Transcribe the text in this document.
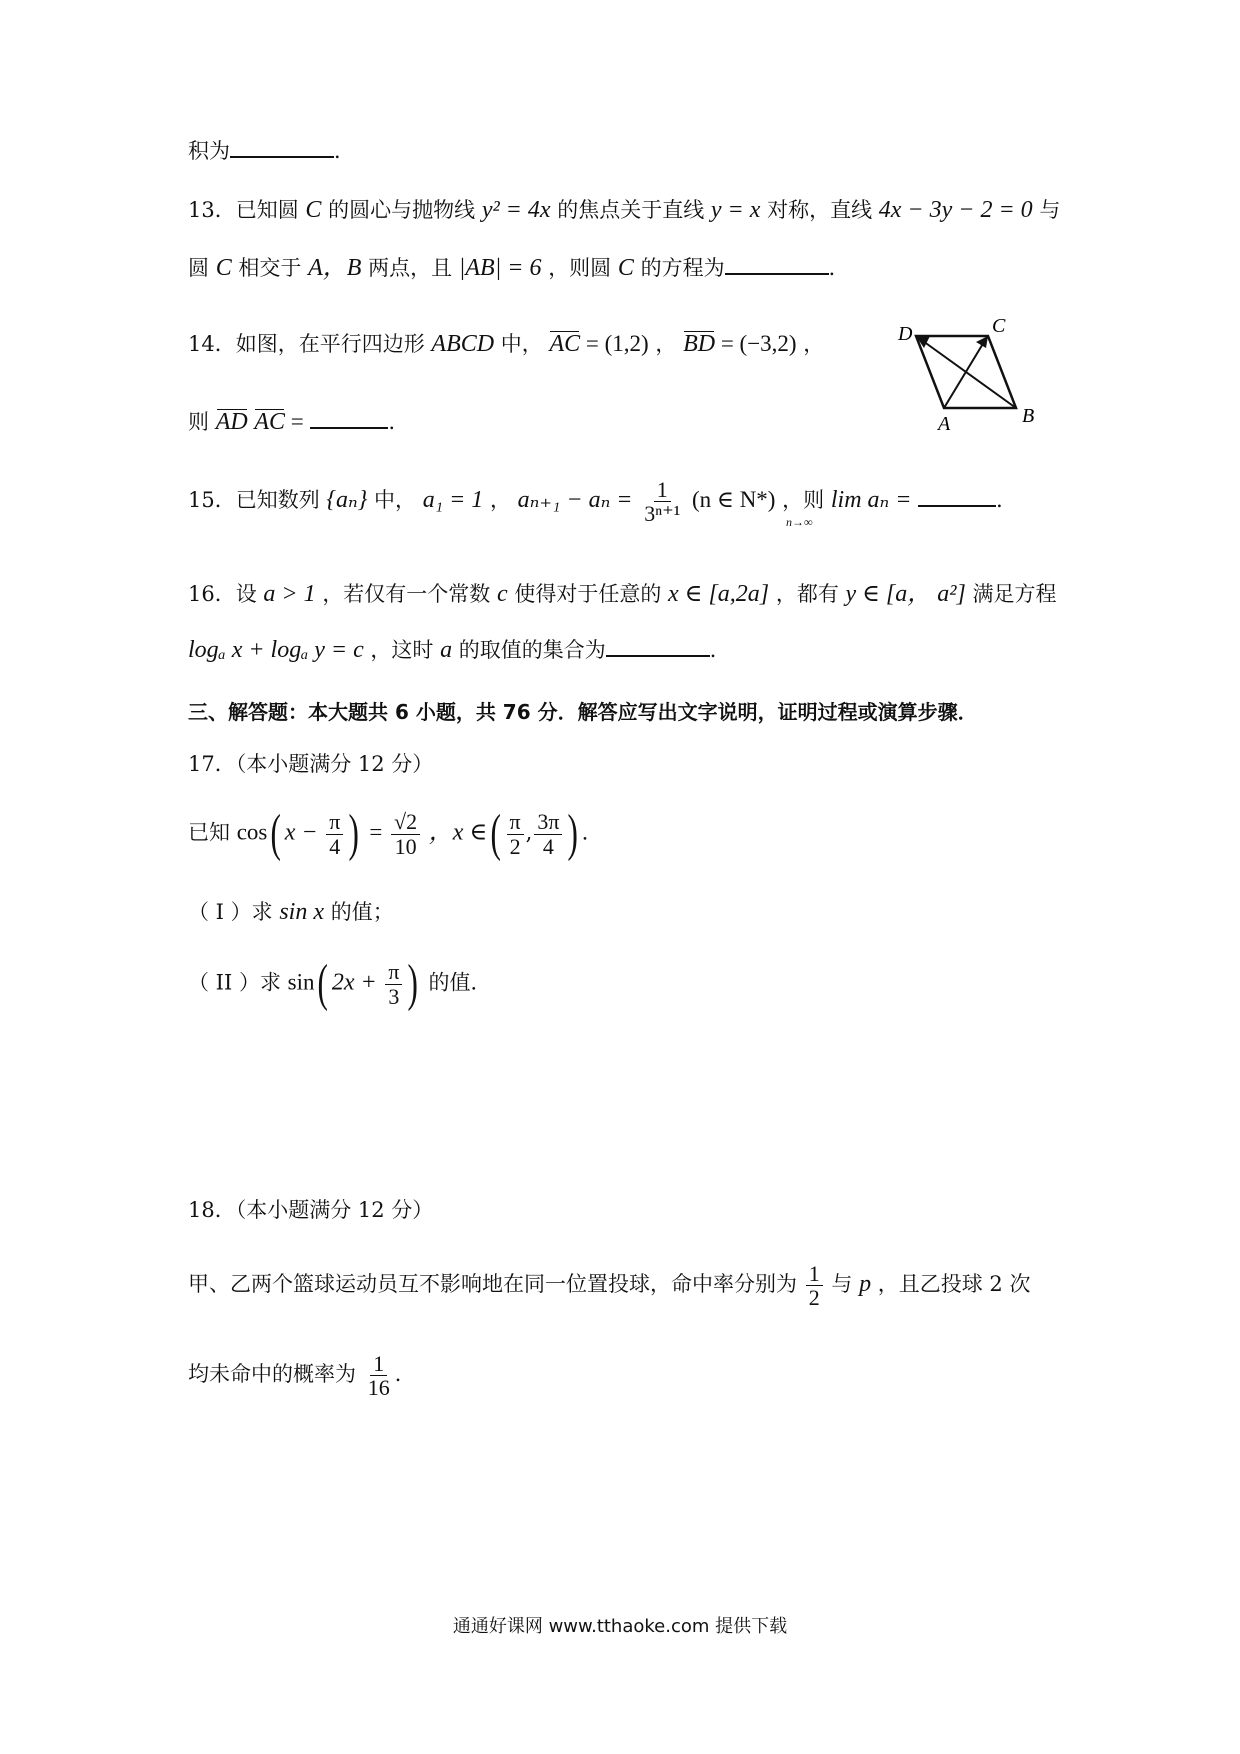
积为	．
13．已知圆 C 的圆心与抛物线 y² = 4x 的焦点关于直线 y = x 对称，直线 4x − 3y − 2 = 0 与
圆 C 相交于 A，B 两点，且 |AB| = 6 ，则圆 C 的方程为	．
14．如图，在平行四边形 ABCD 中， AC = (1,2) ， BD = (−3,2) ，	D	C
A	B
则 AD AC =	．
15．已知数列 {aₙ} 中， a₁ = 1 ， $a_{n+1} - a_n = \frac{1}{\text{3ⁿ⁺¹}} (n$ ∈ N*) ，则 lim aₙ =	．
n→∞
16．设 a > 1 ，若仅有一个常数 c 使得对于任意的 x ∈ [a,2a] ，都有 y ∈ [a， a²] 满足方程
logₐ x + logₐ y = c ，这时 a 的取值的集合为	．
三、解答题：本大题共 6 小题，共 76 分．解答应写出文字说明，证明过程或演算步骤．
17．（本小题满分 12 分）
已知 cos( $x - \frac{\pi}{4}$ ) = $\frac{√2}{10}$ ，x ∈( $\frac{\pi}{2}$ , $\frac{3\pi}{4}$ ) ．
（ I ）求 sin x 的值；
（ II ）求 sin( $2x + \frac{\pi}{3}$ ) 的值．
18．（本小题满分 12 分）
甲、乙两个篮球运动员互不影响地在同一位置投球，命中率分别为 $\frac{1}{2}$ 与 p ，且乙投球 2 次
均未命中的概率为 $\frac{1}{16}$ ．
通通好课网 www.tthaoke.com 提供下载
